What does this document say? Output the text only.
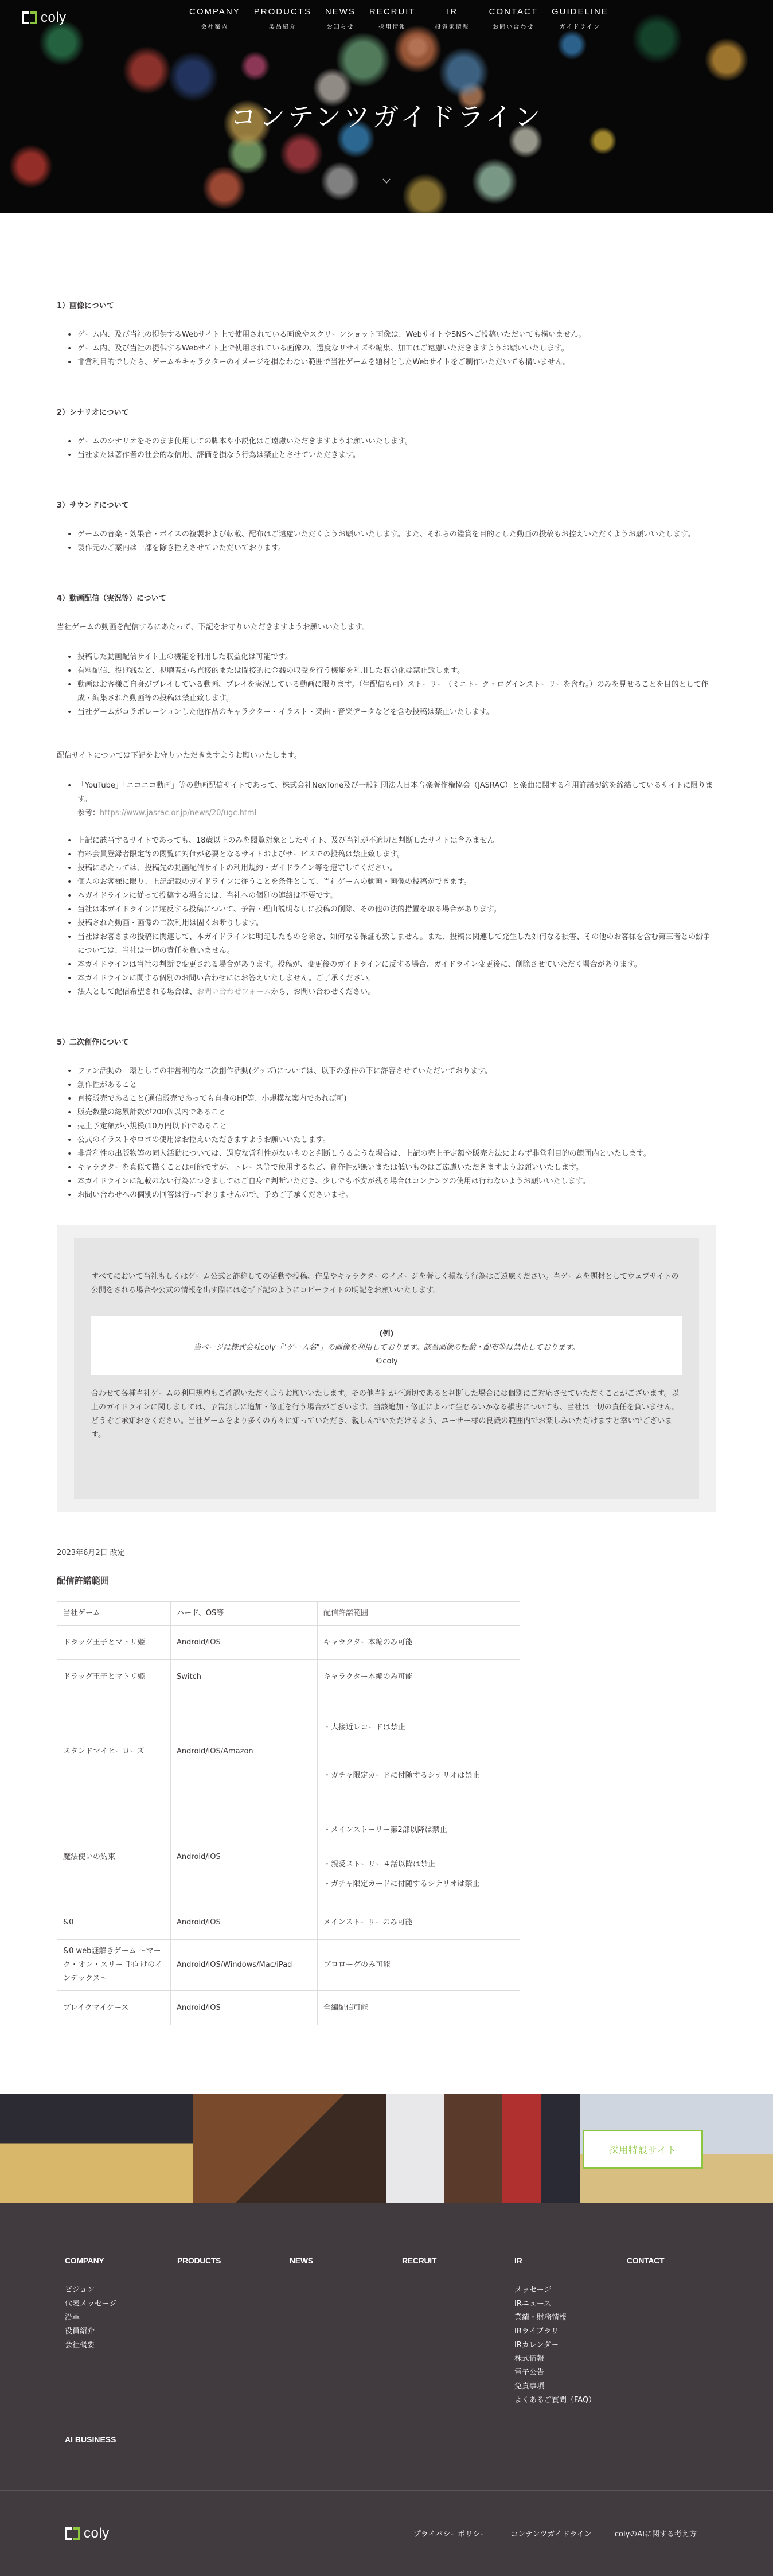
coly	COMPANY
会社案内
PRODUCTS
製品紹介
NEWS
お知らせ
RECRUIT
採用情報
IR
投資家情報
CONTACT
お問い合わせ
GUIDELINE
ガイドライン
コンテンツガイドライン
1）画像について
• ゲーム内、及び当社の提供するWebサイト上で使用されている画像やスクリーンショット画像は、WebサイトやSNSへご投稿いただいても構いません。
• ゲーム内、及び当社の提供するWebサイト上で使用されている画像の、過度なリサイズや編集、加工はご遠慮いただきますようお願いいたします。
• 非営利目的でしたら、ゲームやキャラクターのイメージを損なわない範囲で当社ゲームを題材としたWebサイトをご制作いただいても構いません。
2）シナリオについて
• ゲームのシナリオをそのまま使用しての脚本や小説化はご遠慮いただきますようお願いいたします。
• 当社または著作者の社会的な信用、評価を損なう行為は禁止とさせていただきます。
3）サウンドについて
• ゲームの音楽・効果音・ボイスの複製および転載、配布はご遠慮いただくようお願いいたします。また、それらの鑑賞を目的とした動画の投稿もお控えいただくようお願いいたします。
• 製作元のご案内は一部を除き控えさせていただいております。
4）動画配信（実況等）について

当社ゲームの動画を配信するにあたって、下記をお守りいただきますようお願いいたします。

• 投稿した動画配信サイト上の機能を利用した収益化は可能です。
• 有料配信、投げ銭など、視聴者から直接的または間接的に金銭の収受を行う機能を利用した収益化は禁止致します。
• 動画はお客様ご自身がプレイしている動画、プレイを実況している動画に限ります。（生配信も可）ストーリー（ミニトーク・ログインストーリーを含む。）のみを見せることを目的として作成・編集された動画等の投稿は禁止致します。
• 当社ゲームがコラボレーションした他作品のキャラクター・イラスト・楽曲・音楽データなどを含む投稿は禁止いたします。

配信サイトについては下記をお守りいただきますようお願いいたします。

• 「YouTube」「ニコニコ動画」等の動画配信サイトであって、株式会社NexTone及び一般社団法人日本音楽著作権協会（JASRAC）と楽曲に関する利用許諾契約を締結しているサイトに限ります。
参考：https://www.jasrac.or.jp/news/20/ugc.html
• 上記に該当するサイトであっても、18歳以上のみを閲覧対象としたサイト、及び当社が不適切と判断したサイトは含みません
• 有料会員登録者限定等の閲覧に対価が必要となるサイトおよびサービスでの投稿は禁止致します。
• 投稿にあたっては、投稿先の動画配信サイトの利用規約・ガイドライン等を遵守してください。
• 個人のお客様に限り、上記記載のガイドラインに従うことを条件として、当社ゲームの動画・画像の投稿ができます。
• 本ガイドラインに従って投稿する場合には、当社への個別の連絡は不要です。
• 当社は本ガイドラインに違反する投稿について、予告・理由説明なしに投稿の削除、その他の法的措置を取る場合があります。
• 投稿された動画・画像の二次利用は固くお断りします。
• 当社はお客さまの投稿に関連して、本ガイドラインに明記したものを除き、如何なる保証も致しません。また、投稿に関連して発生した如何なる損害、その他のお客様を含む第三者との紛争については、当社は一切の責任を負いません。
• 本ガイドラインは当社の判断で変更される場合があります。投稿が、変更後のガイドラインに反する場合、ガイドライン変更後に、削除させていただく場合があります。
• 本ガイドラインに関する個別のお問い合わせにはお答えいたしません。ご了承ください。
• 法人として配信希望される場合は、お問い合わせフォームから、お問い合わせください。
5）二次創作について
• ファン活動の一環としての非営利的な二次創作活動(グッズ)については、以下の条件の下に許容させていただいております。
• 創作性があること
• 直接販売であること(通信販売であっても自身のHP等、小規模な案内であれば可)
• 販売数量の総累計数が200個以内であること
• 売上予定額が小規模(10万円以下)であること
• 公式のイラストやロゴの使用はお控えいただきますようお願いいたします。
• 非営利性の出版物等の同人活動については、過度な営利性がないものと判断しうるような場合は、上記の売上予定額や販売方法によらず非営利目的の範囲内といたします。
• キャラクターを真似て描くことは可能ですが、トレース等で使用するなど、創作性が無いまたは低いものはご遠慮いただきますようお願いいたします。
• 本ガイドラインに記載のない行為につきましてはご自身で判断いただき、少しでも不安が残る場合はコンテンツの使用は行わないようお願いいたします。
• お問い合わせへの個別の回答は行っておりませんので、予めご了承くださいませ。

すべてにおいて当社もしくはゲーム公式と詐称しての活動や投稿、作品やキャラクターのイメージを著しく損なう行為はご遠慮ください。当ゲームを題材としてウェブサイトの公開をされる場合や公式の情報を出す際には必ず下記のようにコピーライトの明記をお願いいたします。

(例)
当ページは株式会社coly「"ゲーム名"」の画像を利用しております。該当画像の転載・配布等は禁止しております。
©coly

合わせて各種当社ゲームの利用規約もご確認いただくようお願いいたします。その他当社が不適切であると判断した場合には個別にご対応させていただくことがございます。以上のガイドラインに関しましては、予告無しに追加・修正を行う場合がございます。当該追加・修正によって生じるいかなる損害についても、当社は一切の責任を負いません。どうぞご承知おきください。当社ゲームをより多くの方々に知っていただき、親しんでいただけるよう、ユーザー様の良識の範囲内でお楽しみいただけますと幸いでございます。

2023年6月2日 改定

配信許諾範囲
当社ゲーム	ハード、OS等	配信許諾範囲
ドラッグ王子とマトリ姫	Android/iOS	キャラクター本編のみ可能
ドラッグ王子とマトリ姫	Switch	キャラクター本編のみ可能
スタンドマイヒーローズ	Android/iOS/Amazon	・大接近レコードは禁止
・ガチャ限定カードに付随するシナリオは禁止

魔法使いの約束	Android/iOS	・メインストーリー第2部以降は禁止
・親愛ストーリー４話以降は禁止
・ガチャ限定カードに付随するシナリオは禁止

&0	Android/iOS	メインストーリーのみ可能
&0 web謎解きゲーム ～マーク・オン・スリー 手向けのインデックス～	Android/iOS/Windows/Mac/iPad	プロローグのみ可能
ブレイクマイケース	Android/iOS	全編配信可能
採用特設サイト
COMPANY
ビジョン
代表メッセージ
沿革
役員紹介
会社概要
PRODUCTS	NEWS	RECRUIT	IR
メッセージ
IRニュース
業績・財務情報
IRライブラリ
IRカレンダー
株式情報
電子公告
免責事項
よくあるご質問（FAQ）
CONTACT
AI BUSINESS
coly	プライバシーポリシー	コンテンツガイドライン	colyのAIに関する考え方
